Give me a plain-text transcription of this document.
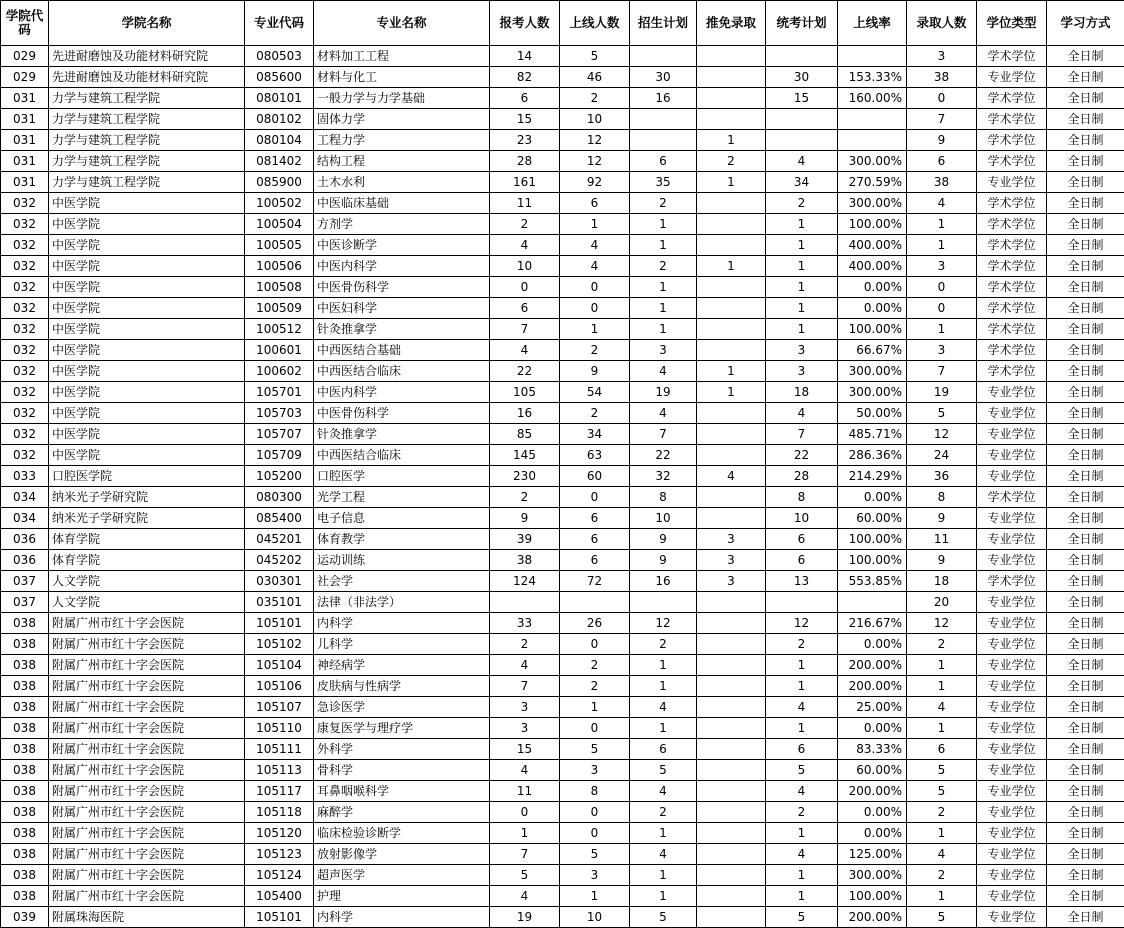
学院代码	学院名称	专业代码	专业名称	报考人数	上线人数	招生计划	推免录取	统考计划	上线率	录取人数	学位类型	学习方式
029	先进耐磨蚀及功能材料研究院	080503	材料加工工程	14	5					3	学术学位	全日制
029	先进耐磨蚀及功能材料研究院	085600	材料与化工	82	46	30		30	153.33%	38	专业学位	全日制
031	力学与建筑工程学院	080101	一般力学与力学基础	6	2	16		15	160.00%	0	学术学位	全日制
031	力学与建筑工程学院	080102	固体力学	15	10					7	学术学位	全日制
031	力学与建筑工程学院	080104	工程力学	23	12		1			9	学术学位	全日制
031	力学与建筑工程学院	081402	结构工程	28	12	6	2	4	300.00%	6	学术学位	全日制
031	力学与建筑工程学院	085900	土木水利	161	92	35	1	34	270.59%	38	专业学位	全日制
032	中医学院	100502	中医临床基础	11	6	2		2	300.00%	4	学术学位	全日制
032	中医学院	100504	方剂学	2	1	1		1	100.00%	1	学术学位	全日制
032	中医学院	100505	中医诊断学	4	4	1		1	400.00%	1	学术学位	全日制
032	中医学院	100506	中医内科学	10	4	2	1	1	400.00%	3	学术学位	全日制
032	中医学院	100508	中医骨伤科学	0	0	1		1	0.00%	0	学术学位	全日制
032	中医学院	100509	中医妇科学	6	0	1		1	0.00%	0	学术学位	全日制
032	中医学院	100512	针灸推拿学	7	1	1		1	100.00%	1	学术学位	全日制
032	中医学院	100601	中西医结合基础	4	2	3		3	66.67%	3	学术学位	全日制
032	中医学院	100602	中西医结合临床	22	9	4	1	3	300.00%	7	学术学位	全日制
032	中医学院	105701	中医内科学	105	54	19	1	18	300.00%	19	专业学位	全日制
032	中医学院	105703	中医骨伤科学	16	2	4		4	50.00%	5	专业学位	全日制
032	中医学院	105707	针灸推拿学	85	34	7		7	485.71%	12	专业学位	全日制
032	中医学院	105709	中西医结合临床	145	63	22		22	286.36%	24	专业学位	全日制
033	口腔医学院	105200	口腔医学	230	60	32	4	28	214.29%	36	专业学位	全日制
034	纳米光子学研究院	080300	光学工程	2	0	8		8	0.00%	8	学术学位	全日制
034	纳米光子学研究院	085400	电子信息	9	6	10		10	60.00%	9	专业学位	全日制
036	体育学院	045201	体育教学	39	6	9	3	6	100.00%	11	专业学位	全日制
036	体育学院	045202	运动训练	38	6	9	3	6	100.00%	9	专业学位	全日制
037	人文学院	030301	社会学	124	72	16	3	13	553.85%	18	学术学位	全日制
037	人文学院	035101	法律（非法学）							20	专业学位	全日制
038	附属广州市红十字会医院	105101	内科学	33	26	12		12	216.67%	12	专业学位	全日制
038	附属广州市红十字会医院	105102	儿科学	2	0	2		2	0.00%	2	专业学位	全日制
038	附属广州市红十字会医院	105104	神经病学	4	2	1		1	200.00%	1	专业学位	全日制
038	附属广州市红十字会医院	105106	皮肤病与性病学	7	2	1		1	200.00%	1	专业学位	全日制
038	附属广州市红十字会医院	105107	急诊医学	3	1	4		4	25.00%	4	专业学位	全日制
038	附属广州市红十字会医院	105110	康复医学与理疗学	3	0	1		1	0.00%	1	专业学位	全日制
038	附属广州市红十字会医院	105111	外科学	15	5	6		6	83.33%	6	专业学位	全日制
038	附属广州市红十字会医院	105113	骨科学	4	3	5		5	60.00%	5	专业学位	全日制
038	附属广州市红十字会医院	105117	耳鼻咽喉科学	11	8	4		4	200.00%	5	专业学位	全日制
038	附属广州市红十字会医院	105118	麻醉学	0	0	2		2	0.00%	2	专业学位	全日制
038	附属广州市红十字会医院	105120	临床检验诊断学	1	0	1		1	0.00%	1	专业学位	全日制
038	附属广州市红十字会医院	105123	放射影像学	7	5	4		4	125.00%	4	专业学位	全日制
038	附属广州市红十字会医院	105124	超声医学	5	3	1		1	300.00%	2	专业学位	全日制
038	附属广州市红十字会医院	105400	护理	4	1	1		1	100.00%	1	专业学位	全日制
039	附属珠海医院	105101	内科学	19	10	5		5	200.00%	5	专业学位	全日制
